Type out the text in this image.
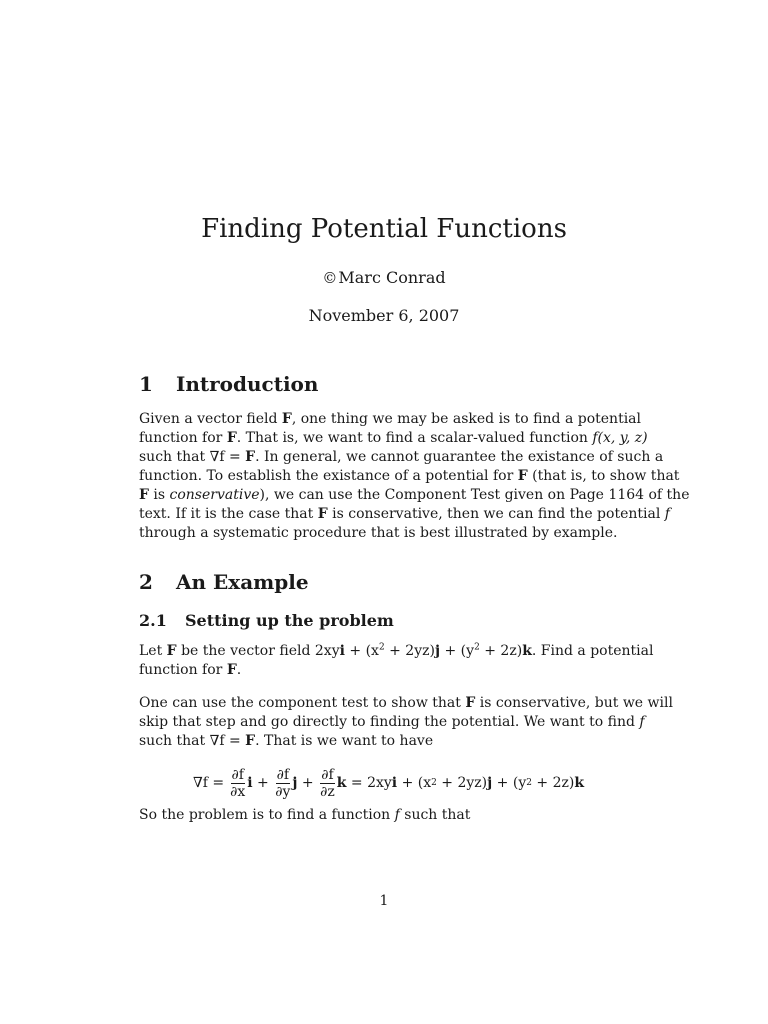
Finding Potential Functions
©Marc Conrad
November 6, 2007
1 Introduction
Given a vector field F, one thing we may be asked is to find a potential
function for F. That is, we want to find a scalar-valued function f(x, y, z)
such that ∇f = F. In general, we cannot guarantee the existance of such a
function. To establish the existance of a potential for F (that is, to show that
F is conservative), we can use the Component Test given on Page 1164 of the
text. If it is the case that F is conservative, then we can find the potential f
through a systematic procedure that is best illustrated by example.
2 An Example
2.1 Setting up the problem
Let F be the vector field $2xyi + (x^2 + 2yz)j + (y^2 + 2z)k$. Find a potential
function for F.
One can use the component test to show that F is conservative, but we will
skip that step and go directly to finding the potential. We want to find f
such that ∇f = F. That is we want to have
$\nabla f = \frac{\partial f}{\partial x}$ $i + \frac{\partial f}{\partial y}$ $j + \frac{\partial f}{\partial z}$ k = 2xy i + (x 2 + 2yz) j + (y 2 + 2z) k
So the problem is to find a function f such that
1
